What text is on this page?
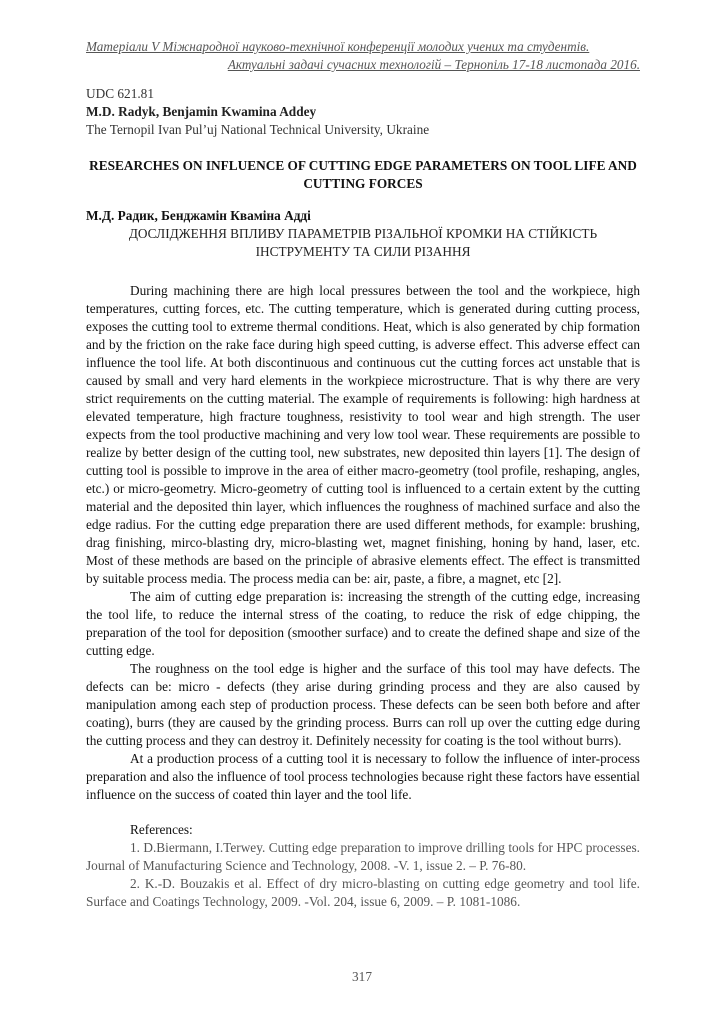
Матеріали V Міжнародної науково-технічної конференції молодих учених та студентів.
Актуальні задачі сучасних технологій – Тернопіль 17-18 листопада 2016.
UDC 621.81
M.D. Radyk, Benjamin Kwamina Addey
The Ternopil Ivan Pul’uj National Technical University, Ukraine
RESEARCHES ON INFLUENCE OF CUTTING EDGE PARAMETERS ON TOOL LIFE AND CUTTING FORCES
М.Д. Радик, Бенджамін Кваміна Адді
ДОСЛІДЖЕННЯ ВПЛИВУ ПАРАМЕТРІВ РІЗАЛЬНОЇ КРОМКИ НА СТІЙКІСТЬ ІНСТРУМЕНТУ ТА СИЛИ РІЗАННЯ

During machining there are high local pressures between the tool and the workpiece, high temperatures, cutting forces, etc. The cutting temperature, which is generated during cutting process, exposes the cutting tool to extreme thermal conditions. Heat, which is also generated by chip formation and by the friction on the rake face during high speed cutting, is adverse effect. This adverse effect can influence the tool life. At both discontinuous and continuous cut the cutting forces act unstable that is caused by small and very hard elements in the workpiece microstructure. That is why there are very strict requirements on the cutting material. The example of requirements is following: high hardness at elevated temperature, high fracture toughness, resistivity to tool wear and high strength. The user expects from the tool productive machining and very low tool wear. These requirements are possible to realize by better design of the cutting tool, new substrates, new deposited thin layers [1]. The design of cutting tool is possible to improve in the area of either macro-geometry (tool profile, reshaping, angles, etc.) or micro-geometry. Micro-geometry of cutting tool is influenced to a certain extent by the cutting material and the deposited thin layer, which influences the roughness of machined surface and also the edge radius. For the cutting edge preparation there are used different methods, for example: brushing, drag finishing, mirco-blasting dry, micro-blasting wet, magnet finishing, honing by hand, laser, etc. Most of these methods are based on the principle of abrasive elements effect. The effect is transmitted by suitable process media. The process media can be: air, paste, a fibre, a magnet, etc [2].

The aim of cutting edge preparation is: increasing the strength of the cutting edge, increasing the tool life, to reduce the internal stress of the coating, to reduce the risk of edge chipping, the preparation of the tool for deposition (smoother surface) and to create the defined shape and size of the cutting edge.

The roughness on the tool edge is higher and the surface of this tool may have defects. The defects can be: micro - defects (they arise during grinding process and they are also caused by manipulation among each step of production process. These defects can be seen both before and after coating), burrs (they are caused by the grinding process. Burrs can roll up over the cutting edge during the cutting process and they can destroy it. Definitely necessity for coating is the tool without burrs).

At a production process of a cutting tool it is necessary to follow the influence of inter-process preparation and also the influence of tool process technologies because right these factors have essential influence on the success of coated thin layer and the tool life.

References:

1. D.Biermann, I.Terwey. Cutting edge preparation to improve drilling tools for HPC processes. Journal of Manufacturing Science and Technology, 2008. -V. 1, issue 2. – P. 76-80.

2. K.-D. Bouzakis et al. Effect of dry micro-blasting on cutting edge geometry and tool life. Surface and Coatings Technology, 2009. -Vol. 204, issue 6, 2009. – P. 1081-1086.

317
